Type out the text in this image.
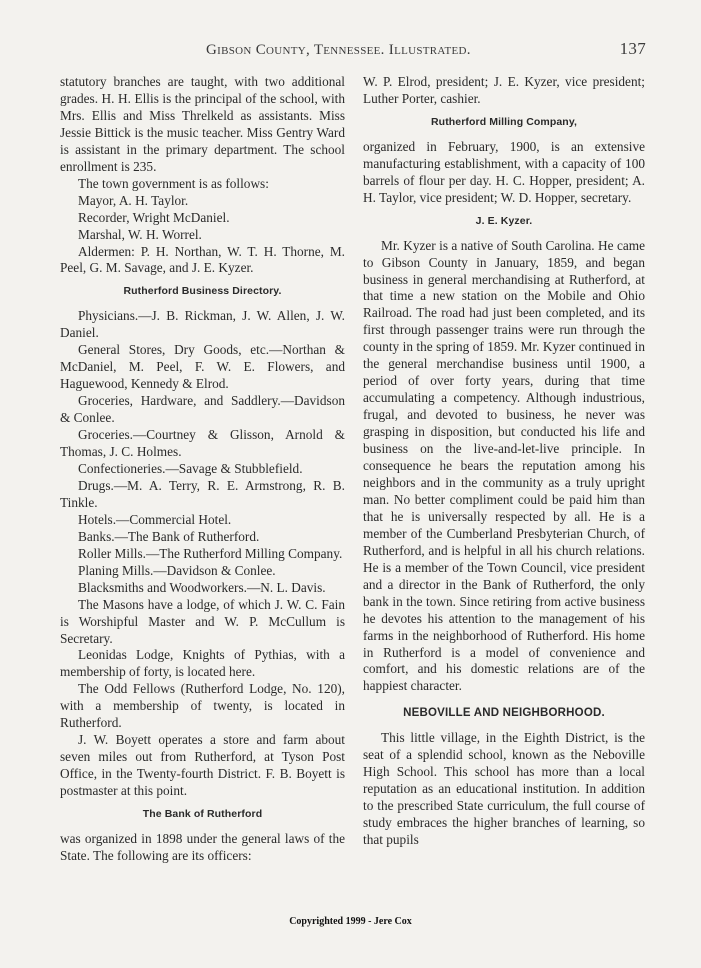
Gibson County, Tennessee. Illustrated.	137

statutory branches are taught, with two additional grades. H. H. Ellis is the principal of the school, with Mrs. Ellis and Miss Threlkeld as assistants. Miss Jessie Bittick is the music teacher. Miss Gentry Ward is assistant in the primary department. The school enrollment is 235.

The town government is as follows:

Mayor, A. H. Taylor.

Recorder, Wright McDaniel.

Marshal, W. H. Worrel.

Aldermen: P. H. Northan, W. T. H. Thorne, M. Peel, G. M. Savage, and J. E. Kyzer.

Rutherford Business Directory.

Physicians.—J. B. Rickman, J. W. Allen, J. W. Daniel.

General Stores, Dry Goods, etc.—Northan & McDaniel, M. Peel, F. W. E. Flowers, and Haguewood, Kennedy & Elrod.

Groceries, Hardware, and Saddlery.—Davidson & Conlee.

Groceries.—Courtney & Glisson, Arnold & Thomas, J. C. Holmes.

Confectioneries.—Savage & Stubblefield.

Drugs.—M. A. Terry, R. E. Armstrong, R. B. Tinkle.

Hotels.—Commercial Hotel.

Banks.—The Bank of Rutherford.

Roller Mills.—The Rutherford Milling Company.

Planing Mills.—Davidson & Conlee.

Blacksmiths and Woodworkers.—N. L. Davis.

The Masons have a lodge, of which J. W. C. Fain is Worshipful Master and W. P. McCullum is Secretary.

Leonidas Lodge, Knights of Pythias, with a membership of forty, is located here.

The Odd Fellows (Rutherford Lodge, No. 120), with a membership of twenty, is located in Rutherford.

J. W. Boyett operates a store and farm about seven miles out from Rutherford, at Tyson Post Office, in the Twenty-fourth District. F. B. Boyett is postmaster at this point.

The Bank of Rutherford

was organized in 1898 under the general laws of the State. The following are its officers:

W. P. Elrod, president; J. E. Kyzer, vice president; Luther Porter, cashier.

Rutherford Milling Company,

organized in February, 1900, is an extensive manufacturing establishment, with a capacity of 100 barrels of flour per day. H. C. Hopper, president; A. H. Taylor, vice president; W. D. Hopper, secretary.

J. E. Kyzer.

Mr. Kyzer is a native of South Carolina. He came to Gibson County in January, 1859, and began business in general merchandising at Rutherford, at that time a new station on the Mobile and Ohio Railroad. The road had just been completed, and its first through passenger trains were run through the county in the spring of 1859. Mr. Kyzer continued in the general merchandise business until 1900, a period of over forty years, during that time accumulating a competency. Although industrious, frugal, and devoted to business, he never was grasping in disposition, but conducted his life and business on the live-and-let-live principle. In consequence he bears the reputation among his neighbors and in the community as a truly upright man. No better compliment could be paid him than that he is universally respected by all. He is a member of the Cumberland Presbyterian Church, of Rutherford, and is helpful in all his church relations. He is a member of the Town Council, vice president and a director in the Bank of Rutherford, the only bank in the town. Since retiring from active business he devotes his attention to the management of his farms in the neighborhood of Rutherford. His home in Rutherford is a model of convenience and comfort, and his domestic relations are of the happiest character.

NEBOVILLE AND NEIGHBORHOOD.

This little village, in the Eighth District, is the seat of a splendid school, known as the Neboville High School. This school has more than a local reputation as an educational institution. In addition to the prescribed State curriculum, the full course of study embraces the higher branches of learning, so that pupils

Copyrighted 1999 - Jere Cox
